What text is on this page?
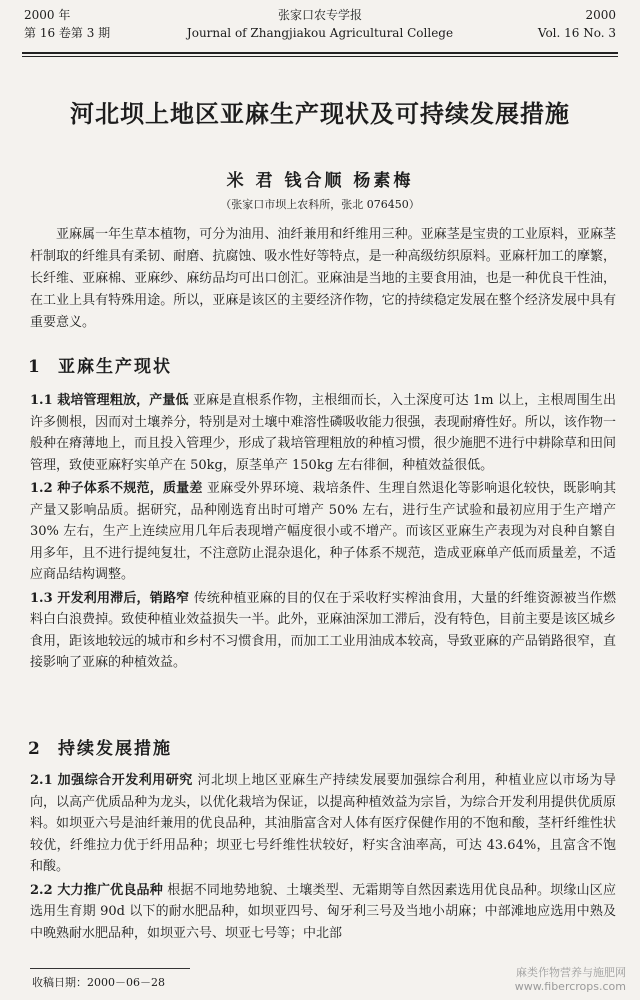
2000 年
第 16 卷第 3 期
张家口农专学报
Journal of Zhangjiakou Agricultural College
2000
Vol. 16 No. 3
河北坝上地区亚麻生产现状及可持续发展措施
米 君 钱合顺 杨素梅
（张家口市坝上农科所，张北 076450）

亚麻属一年生草本植物，可分为油用、油纤兼用和纤维用三种。亚麻茎是宝贵的工业原料，亚麻茎杆制取的纤维具有柔韧、耐磨、抗腐蚀、吸水性好等特点，是一种高级纺织原料。亚麻杆加工的摩繁，长纤维、亚麻棉、亚麻纱、麻纺品均可出口创汇。亚麻油是当地的主要食用油，也是一种优良干性油，在工业上具有特殊用途。所以，亚麻是该区的主要经济作物，它的持续稳定发展在整个经济发展中具有重要意义。

1 亚麻生产现状

1.1 栽培管理粗放，产量低 亚麻是直根系作物，主根细而长，入土深度可达 1m 以上，主根周围生出许多侧根，因而对土壤养分，特别是对土壤中难溶性磷吸收能力很强，表现耐瘠性好。所以，该作物一般种在瘠薄地上，而且投入管理少，形成了栽培管理粗放的种植习惯，很少施肥不进行中耕除草和田间管理，致使亚麻籽实单产在 50kg，原茎单产 150kg 左右徘徊，种植效益很低。

1.2 种子体系不规范，质量差 亚麻受外界环境、栽培条件、生理自然退化等影响退化较快，既影响其产量又影响品质。据研究，品种刚选育出时可增产 50% 左右，进行生产试验和最初应用于生产增产 30% 左右，生产上连续应用几年后表现增产幅度很小或不增产。而该区亚麻生产表现为对良种自繁自用多年，且不进行提纯复壮，不注意防止混杂退化，种子体系不规范，造成亚麻单产低而质量差，不适应商品结构调整。

1.3 开发利用滞后，销路窄 传统种植亚麻的目的仅在于采收籽实榨油食用，大量的纤维资源被当作燃料白白浪费掉。致使种植业效益损失一半。此外，亚麻油深加工滞后，没有特色，目前主要是该区城乡食用，距该地较远的城市和乡村不习惯食用，而加工工业用油成本较高，导致亚麻的产品销路很窄，直接影响了亚麻的种植效益。

2 持续发展措施

2.1 加强综合开发利用研究 河北坝上地区亚麻生产持续发展要加强综合利用，种植业应以市场为导向，以高产优质品种为龙头，以优化栽培为保证，以提高种植效益为宗旨，为综合开发利用提供优质原料。如坝亚六号是油纤兼用的优良品种，其油脂富含对人体有医疗保健作用的不饱和酸，茎杆纤维性状较优，纤维拉力优于纤用品种；坝亚七号纤维性状较好，籽实含油率高，可达 43.64%，且富含不饱和酸。

2.2 大力推广优良品种 根据不同地势地貌、土壤类型、无霜期等自然因素选用优良品种。坝缘山区应选用生育期 90d 以下的耐水肥品种，如坝亚四号、匈牙利三号及当地小胡麻；中部滩地应选用中熟及中晚熟耐水肥品种，如坝亚六号、坝亚七号等；中北部

收稿日期：2000－06－28
麻类作物营养与施肥网
www.fibercrops.com
